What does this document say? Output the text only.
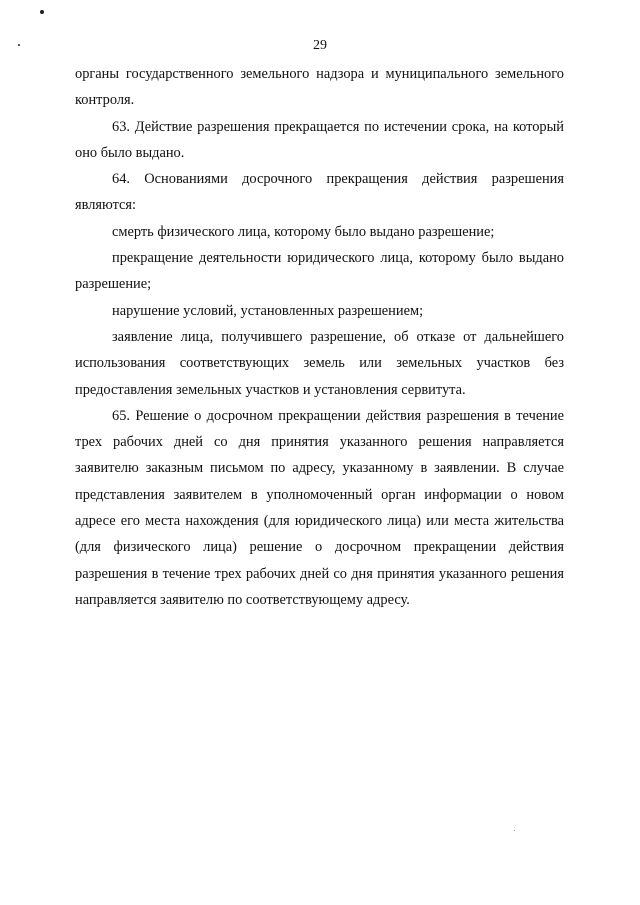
29

органы государственного земельного надзора и муниципального земельного контроля.

63. Действие разрешения прекращается по истечении срока, на который оно было выдано.

64. Основаниями досрочного прекращения действия разрешения являются:

смерть физического лица, которому было выдано разрешение;

прекращение деятельности юридического лица, которому было выдано разрешение;

нарушение условий, установленных разрешением;

заявление лица, получившего разрешение, об отказе от дальнейшего использования соответствующих земель или земельных участков без предоставления земельных участков и установления сервитута.

65. Решение о досрочном прекращении действия разрешения в течение трех рабочих дней со дня принятия указанного решения направляется заявителю заказным письмом по адресу, указанному в заявлении. В случае представления заявителем в уполномоченный орган информации о новом адресе его места нахождения (для юридического лица) или места жительства (для физического лица) решение о досрочном прекращении действия разрешения в течение трех рабочих дней со дня принятия указанного решения направляется заявителю по соответствующему адресу.
